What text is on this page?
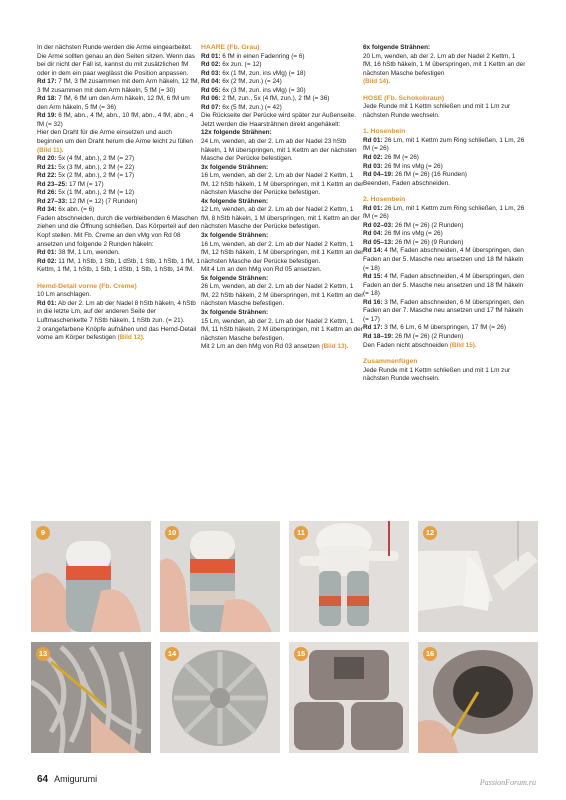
In der nächsten Runde werden die Arme eingearbeitet.

Die Arme sollten genau an den Seiten sitzen. Wenn das bei dir nicht der Fall ist, kannst du mit zusätzlichen fM oder in dem ein paar weglässt die Position anpassen.

Rd 17: 7 fM, 3 fM zusammen mit dem Arm häkeln, 12 fM, 3 fM zusammen mit dem Arm häkeln, 5 fM (= 30)

Rd 18: 7 fM, 6 fM um den Arm häkeln, 12 fM, 6 fM um den Arm häkeln, 5 fM (= 36)

Rd 19: 6 fM, abn., 4 fM, abn., 10 fM, abn., 4 fM, abn., 4 fM (= 32)

Hier den Draht für die Arme einsetzen und auch beginnen um den Draht herum die Arme leicht zu füllen (Bild 11).

Rd 20: 5x (4 fM, abn.), 2 fM (= 27)

Rd 21: 5x (3 fM, abn.), 2 fM (= 22)

Rd 22: 5x (2 fM, abn.), 2 fM (= 17)

Rd 23–25: 17 fM (= 17)

Rd 26: 5x (1 fM, abn.), 2 fM (= 12)

Rd 27–33: 12 fM (= 12) (7 Runden)

Rd 34: 6x abn. (= 6)

Faden abschneiden, durch die verbleibenden 6 Maschen ziehen und die Öffnung schließen. Das Körperteil auf den Kopf stellen. Mit Fb. Creme an den vMg von Rd 08 ansetzen und folgende 2 Runden häkeln:

Rd 01: 38 fM, 1 Lm, wenden.

Rd 02: 11 fM, 1 hStb, 1 Stb, 1 dStb, 1 Stb, 1 hStb, 1 fM, 1 Kettm, 1 fM, 1 hStb, 1 Stb, 1 dStb, 1 Stb, 1 hStb, 14 fM.

Hemd-Detail vorne (Fb. Creme)

10 Lm anschlagen.

Rd 01: Ab der 2. Lm ab der Nadel 8 hStb häkeln, 4 hStb in die letzte Lm, auf der anderen Seite der Luftmaschenkette 7 hStb häkeln, 1 hStb zun. (= 21).

2 orangefarbene Knöpfe aufnähen und das Hemd-Detail vorne am Körper befestigen (Bild 12).

HAARE (Fb. Grau)

Rd 01: 6 fM in einen Fadenring (= 6)

Rd 02: 6x zun. (= 12)

Rd 03: 6x (1 fM, zun. ins vMg) (= 18)

Rd 04: 6x (2 fM, zun.) (= 24)

Rd 05: 6x (3 fM, zun. ins vMg) (= 30)

Rd 06: 2 fM, zun., 5x (4 fM, zun.), 2 fM (= 36)

Rd 07: 6x (5 fM, zun.) (= 42)

Die Rückseite der Perücke wird später zur Außenseite.

Jetzt werden die Haarsträhnen direkt angehäkelt:

12x folgende Strähnen:

24 Lm, wenden, ab der 2. Lm ab der Nadel 23 hStb häkeln, 1 M überspringen, mit 1 Kettm an der nächsten Masche der Perücke befestigen.

3x folgende Strähnen:

16 Lm, wenden, ab der 2. Lm ab der Nadel 2 Kettm, 1 fM, 12 hStb häkeln, 1 M überspringen, mit 1 Kettm an der nächsten Masche der Perücke befestigen.

4x folgende Strähnen:

12 Lm, wenden, ab der 2. Lm ab der Nadel 2 Kettm, 1 fM, 8 hStb häkeln, 1 M überspringen, mit 1 Kettm an der nächsten Masche der Perücke befestigen.

3x folgende Strähnen:

16 Lm, wenden, ab der 2. Lm ab der Nadel 2 Kettm, 1 fM, 12 hStb häkeln, 1 M überspringen, mit 1 Kettm an der nächsten Masche der Perücke befestigen.

Mit 4 Lm an den hMg von Rd 05 ansetzen.

5x folgende Strähnen:

26 Lm, wenden, ab der 2. Lm ab der Nadel 2 Kettm, 1 fM, 22 hStb häkeln, 2 M überspringen, mit 1 Kettm an der nächsten Masche befestigen.

3x folgende Strähnen:

15 Lm, wenden, ab der 2. Lm ab der Nadel 2 Kettm, 1 fM, 11 hStb häkeln, 2 M überspringen, mit 1 Kettm an der nächsten Masche befestigen.

Mit 2 Lm an den hMg von Rd 03 ansetzen (Bild 13).

6x folgende Strähnen:

20 Lm, wenden, ab der 2. Lm ab der Nadel 2 Kettm, 1 fM, 16 hStb häkeln, 1 M überspringen, mit 1 Kettm an der nächsten Masche befestigen

(Bild 14).

HOSE (Fb. Schokobraun)

Jede Runde mit 1 Kettm schließen und mit 1 Lm zur nächsten Runde wechseln.

1. Hosenbein

Rd 01: 26 Lm, mit 1 Kettm zum Ring schließen, 1 Lm, 26 fM (= 26)

Rd 02: 26 fM (= 26)

Rd 03: 26 fM ins vMg (= 26)

Rd 04–19: 26 fM (= 26) (16 Runden)

Beenden, Faden abschneiden.

2. Hosenbein

Rd 01: 26 Lm, mit 1 Kettm zum Ring schließen, 1 Lm, 26 fM (= 26)

Rd 02–03: 26 fM (= 26) (2 Runden)

Rd 04: 26 fM ins vMg (= 26)

Rd 05–13: 26 fM (= 26) (9 Runden)

Rd 14: 4 fM, Faden abschneiden, 4 M überspringen, den Faden an der 5. Masche neu ansetzen und 18 fM häkeln (= 18)

Rd 15: 4 fM, Faden abschneiden, 4 M überspringen, den Faden an der 5. Masche neu ansetzen und 18 fM häkeln (= 18)

Rd 16: 3 fM, Faden abschneiden, 6 M überspringen, den Faden an der 7. Masche neu ansetzen und 17 fM häkeln (= 17)

Rd 17: 3 fM, 6 Lm, 6 M überspringen, 17 fM (= 26)

Rd 18–19: 26 fM (= 26) (2 Runden)

Den Faden nicht abschneiden (Bild 15).

Zusammenfügen

Jede Runde mit 1 Kettm schließen und mit 1 Lm zur nächsten Runde wechseln.

9	10	11	12
13	14	15	16
64 Amigurumi	PassionForum.ru
